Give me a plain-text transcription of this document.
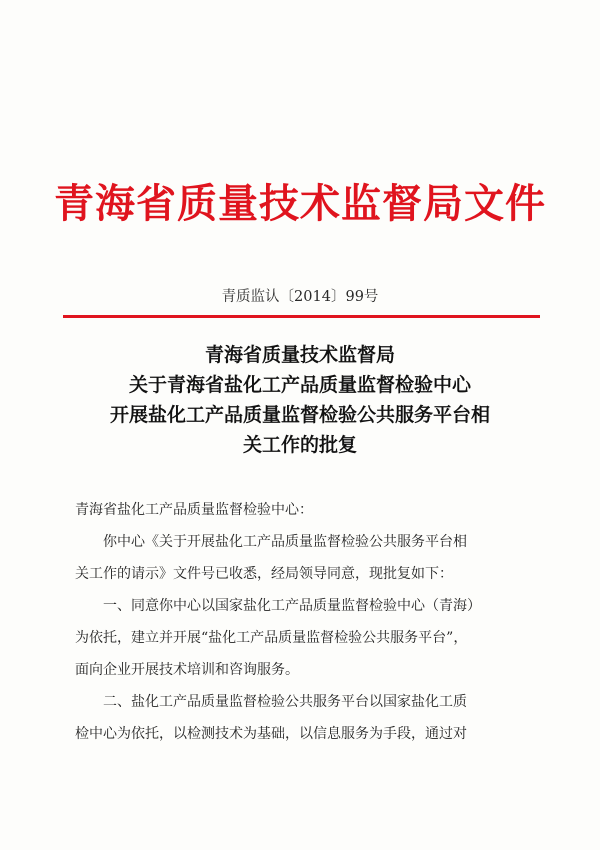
青海省质量技术监督局文件
青质监认〔2014〕99号
青海省质量技术监督局
关于青海省盐化工产品质量监督检验中心
开展盐化工产品质量监督检验公共服务平台相
关工作的批复
青海省盐化工产品质量监督检验中心：
你中心《关于开展盐化工产品质量监督检验公共服务平台相
关工作的请示》文件号已收悉，经局领导同意，现批复如下：
一、同意你中心以国家盐化工产品质量监督检验中心（青海）
为依托，建立并开展“盐化工产品质量监督检验公共服务平台”，
面向企业开展技术培训和咨询服务。
二、盐化工产品质量监督检验公共服务平台以国家盐化工质
检中心为依托，以检测技术为基础，以信息服务为手段，通过对
